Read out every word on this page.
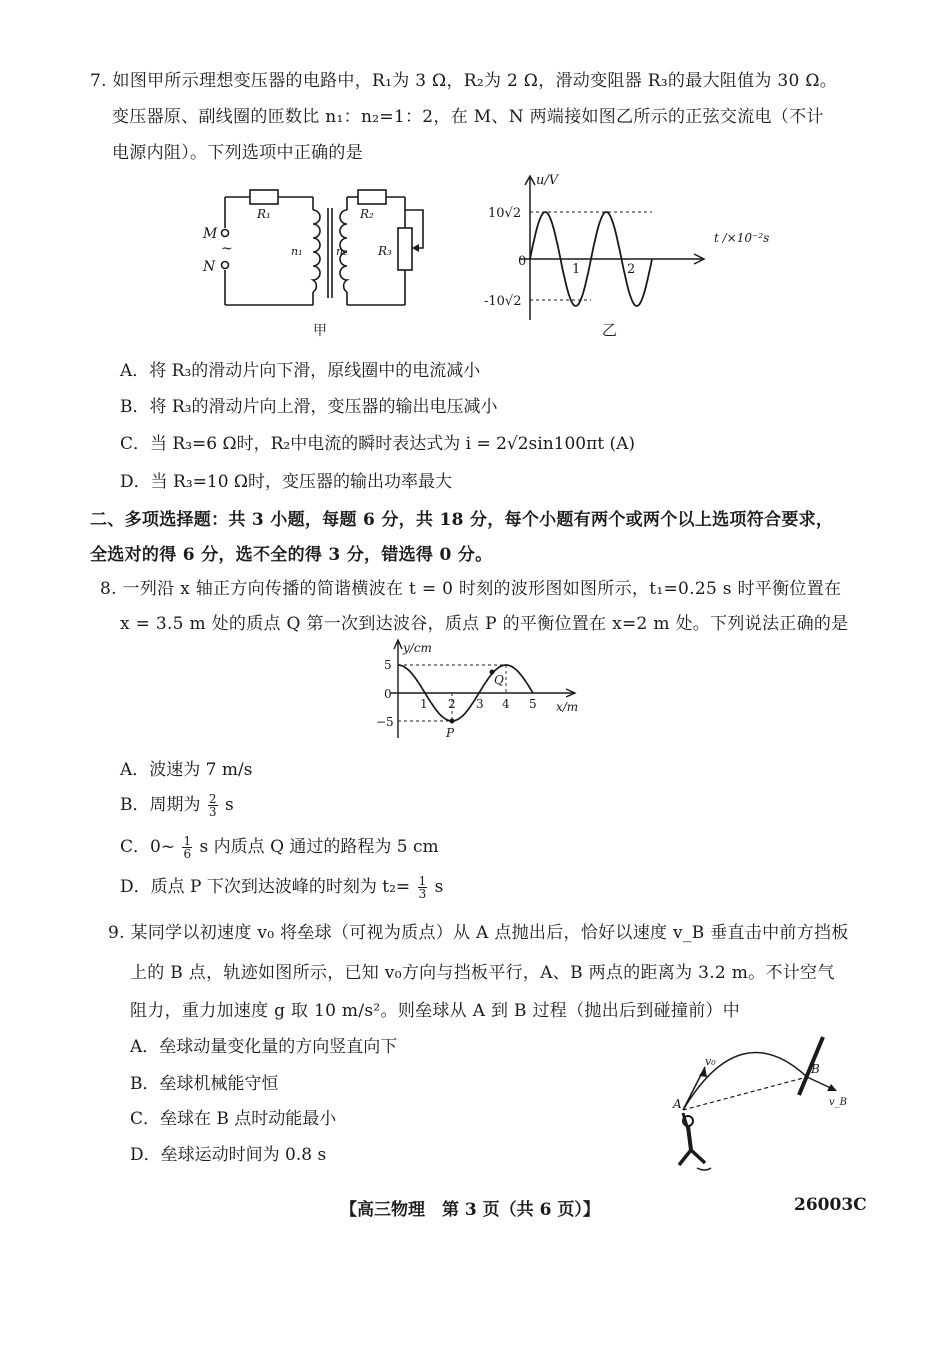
7. 如图甲所示理想变压器的电路中，R₁为 3 Ω，R₂为 2 Ω，滑动变阻器 R₃的最大阻值为 30 Ω。
变压器原、副线圈的匝数比 n₁：n₂=1：2，在 M、N 两端接如图乙所示的正弦交流电（不计
电源内阻）。下列选项中正确的是
M
~
N
R₁	R₂
R₃
n₁	n₂
甲
u/V
t /×10⁻²s
10√2
-10√2
0
1	2
乙
A．将 R₃的滑动片向下滑，原线圈中的电流减小
B．将 R₃的滑动片向上滑，变压器的输出电压减小
C．当 R₃=6 Ω时，R₂中电流的瞬时表达式为 i = 2√2sin100πt (A)
D．当 R₃=10 Ω时，变压器的输出功率最大
二、多项选择题：共 3 小题，每题 6 分，共 18 分，每个小题有两个或两个以上选项符合要求，
全选对的得 6 分，选不全的得 3 分，错选得 0 分。
8. 一列沿 x 轴正方向传播的简谐横波在 t = 0 时刻的波形图如图所示，t₁=0.25 s 时平衡位置在
x = 3.5 m 处的质点 Q 第一次到达波谷，质点 P 的平衡位置在 x=2 m 处。下列说法正确的是
y/cm
x/m
5
0
−5
1 2 3 4 5
P
Q
A．波速为 7 m/s
B．周期为 $\frac{2}{3}$ s
C．0~ $\frac{1}{6}$ s 内质点 Q 通过的路程为 5 cm
D．质点 P 下次到达波峰的时刻为 $t_2= \frac{1}{3}$ s
9. 某同学以初速度 v₀ 将垒球（可视为质点）从 A 点抛出后，恰好以速度 v_B 垂直击中前方挡板
上的 B 点，轨迹如图所示，已知 v₀方向与挡板平行，A、B 两点的距离为 3.2 m。不计空气
阻力，重力加速度 g 取 10 m/s²。则垒球从 A 到 B 过程（抛出后到碰撞前）中
A．垒球动量变化量的方向竖直向下
B．垒球机械能守恒
C．垒球在 B 点时动能最小
D．垒球运动时间为 0.8 s
v₀
A
B
v_B
【高三物理　第 3 页（共 6 页）】	26003C
